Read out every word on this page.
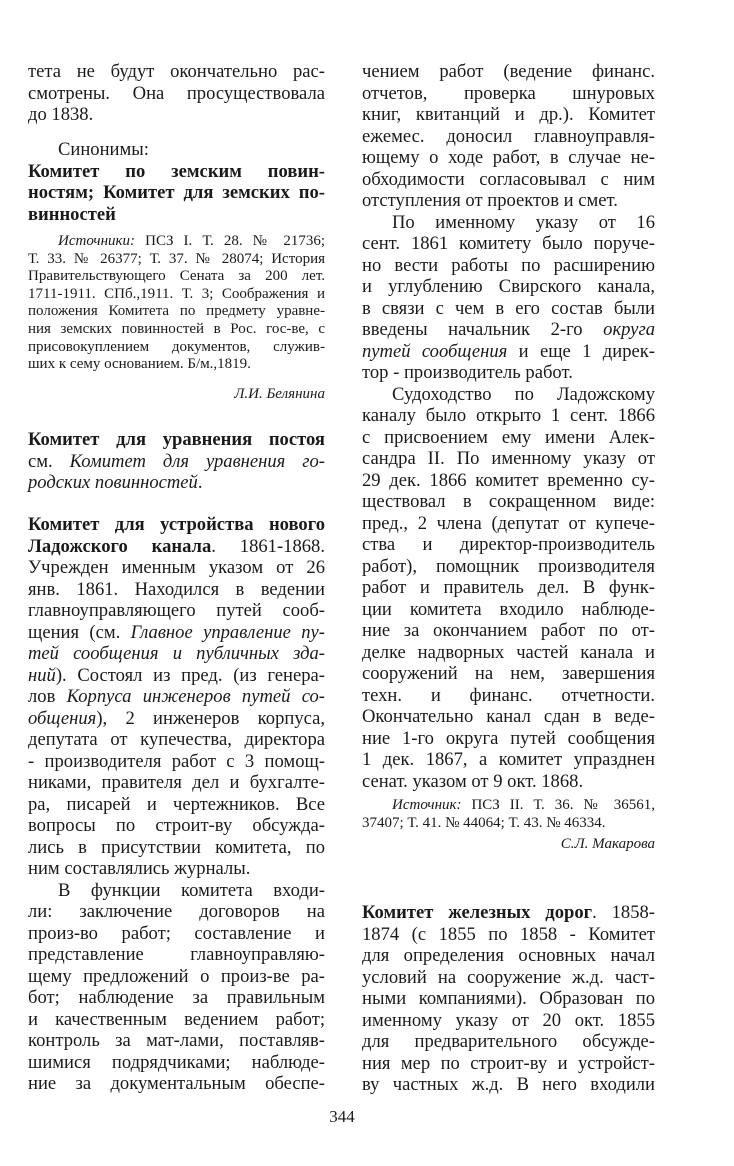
тета не будут окончательно рас-
смотрены. Она просуществовала
до 1838.
Синонимы:
Комитет по земским повин-
ностям; Комитет для земских по-
винностей
Источники: ПСЗ I. Т. 28. № 21736;
Т. 33. № 26377; Т. 37. № 28074; История
Правительствующего Сената за 200 лет.
1711-1911. СПб.,1911. Т. 3; Соображения и
положения Комитета по предмету уравне-
ния земских повинностей в Рос. гос-ве, с
присовокуплением документов, служив-
ших к сему основанием. Б/м.,1819.
Л.И. Белянина
Комитет для уравнения постоя
см. Комитет для уравнения го-
родских повинностей.
Комитет для устройства нового
Ладожского канала. 1861-1868.
Учрежден именным указом от 26
янв. 1861. Находился в ведении
главноуправляющего путей сооб-
щения (см. Главное управление пу-
тей сообщения и публичных зда-
ний). Состоял из пред. (из генера-
лов Корпуса инженеров путей со-
общения), 2 инженеров корпуса,
депутата от купечества, директора
- производителя работ с 3 помощ-
никами, правителя дел и бухгалте-
ра, писарей и чертежников. Все
вопросы по строит-ву обсужда-
лись в присутствии комитета, по
ним составлялись журналы.
В функции комитета входи-
ли: заключение договоров на
произ-во работ; составление и
представление главноуправляю-
щему предложений о произ-ве ра-
бот; наблюдение за правильным
и качественным ведением работ;
контроль за мат-лами, поставляв-
шимися подрядчиками; наблюде-
ние за документальным обеспе-
чением работ (ведение финанс.
отчетов, проверка шнуровых
книг, квитанций и др.). Комитет
ежемес. доносил главноуправля-
ющему о ходе работ, в случае не-
обходимости согласовывал с ним
отступления от проектов и смет.
По именному указу от 16
сент. 1861 комитету было поруче-
но вести работы по расширению
и углублению Свирского канала,
в связи с чем в его состав были
введены начальник 2-го округа
путей сообщения и еще 1 дирек-
тор - производитель работ.
Судоходство по Ладожскому
каналу было открыто 1 сент. 1866
с присвоением ему имени Алек-
сандра II. По именному указу от
29 дек. 1866 комитет временно су-
ществовал в сокращенном виде:
пред., 2 члена (депутат от купече-
ства и директор-производитель
работ), помощник производителя
работ и правитель дел. В функ-
ции комитета входило наблюде-
ние за окончанием работ по от-
делке надворных частей канала и
сооружений на нем, завершения
техн. и финанс. отчетности.
Окончательно канал сдан в веде-
ние 1-го округа путей сообщения
1 дек. 1867, а комитет упразднен
сенат. указом от 9 окт. 1868.
Источник: ПСЗ II. Т. 36. № 36561,
37407; Т. 41. № 44064; Т. 43. № 46334.
С.Л. Макарова
Комитет железных дорог. 1858-
1874 (с 1855 по 1858 - Комитет
для определения основных начал
условий на сооружение ж.д. част-
ными компаниями). Образован по
именному указу от 20 окт. 1855
для предварительного обсужде-
ния мер по строит-ву и устройст-
ву частных ж.д. В него входили
344
